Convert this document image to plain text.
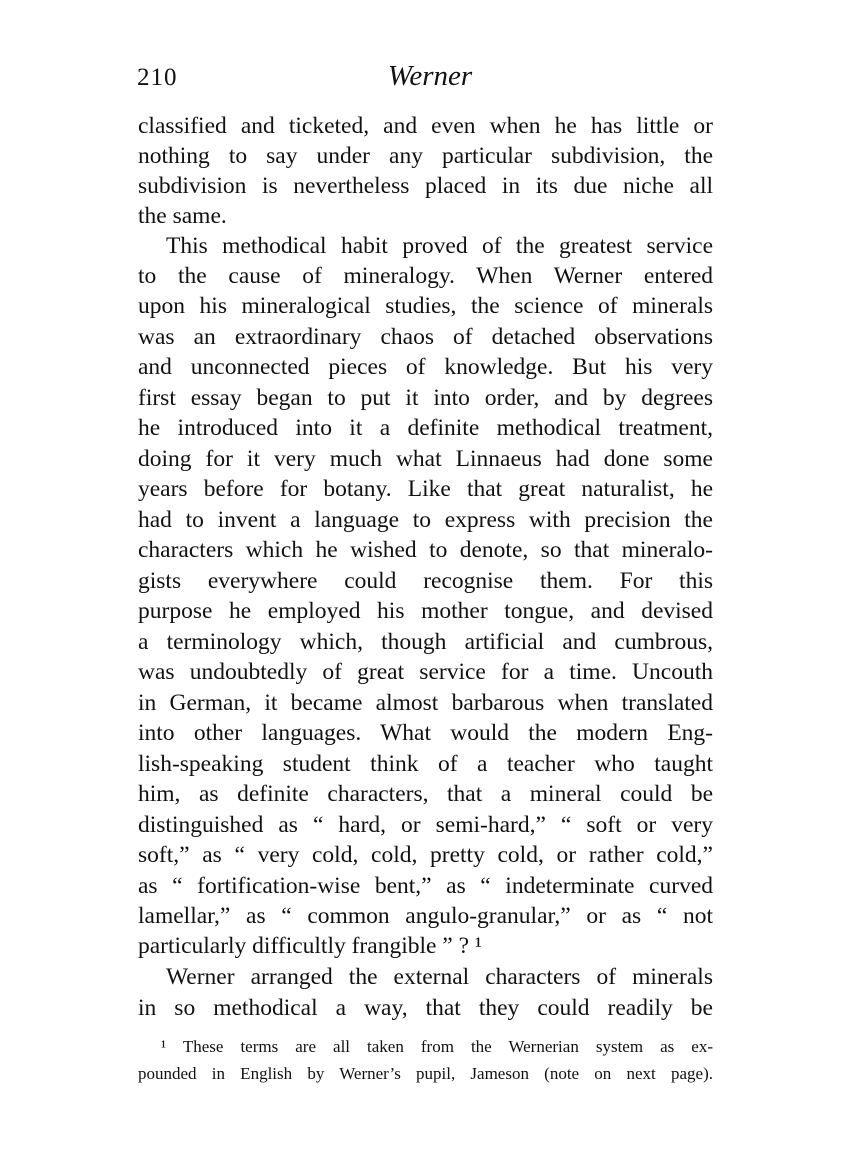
210	Werner
classified and ticketed, and even when he has little or
nothing to say under any particular subdivision, the
subdivision is nevertheless placed in its due niche all
the same.
This methodical habit proved of the greatest service
to the cause of mineralogy. When Werner entered
upon his mineralogical studies, the science of minerals
was an extraordinary chaos of detached observations
and unconnected pieces of knowledge. But his very
first essay began to put it into order, and by degrees
he introduced into it a definite methodical treatment,
doing for it very much what Linnaeus had done some
years before for botany. Like that great naturalist, he
had to invent a language to express with precision the
characters which he wished to denote, so that mineralo-
gists everywhere could recognise them. For this
purpose he employed his mother tongue, and devised
a terminology which, though artificial and cumbrous,
was undoubtedly of great service for a time. Uncouth
in German, it became almost barbarous when translated
into other languages. What would the modern Eng-
lish-speaking student think of a teacher who taught
him, as definite characters, that a mineral could be
distinguished as “ hard, or semi-hard,” “ soft or very
soft,” as “ very cold, cold, pretty cold, or rather cold,”
as “ fortification-wise bent,” as “ indeterminate curved
lamellar,” as “ common angulo-granular,” or as “ not
particularly difficultly frangible ” ? ¹
Werner arranged the external characters of minerals
in so methodical a way, that they could readily be
¹ These terms are all taken from the Wernerian system as ex-
pounded in English by Werner’s pupil, Jameson (note on next page).
